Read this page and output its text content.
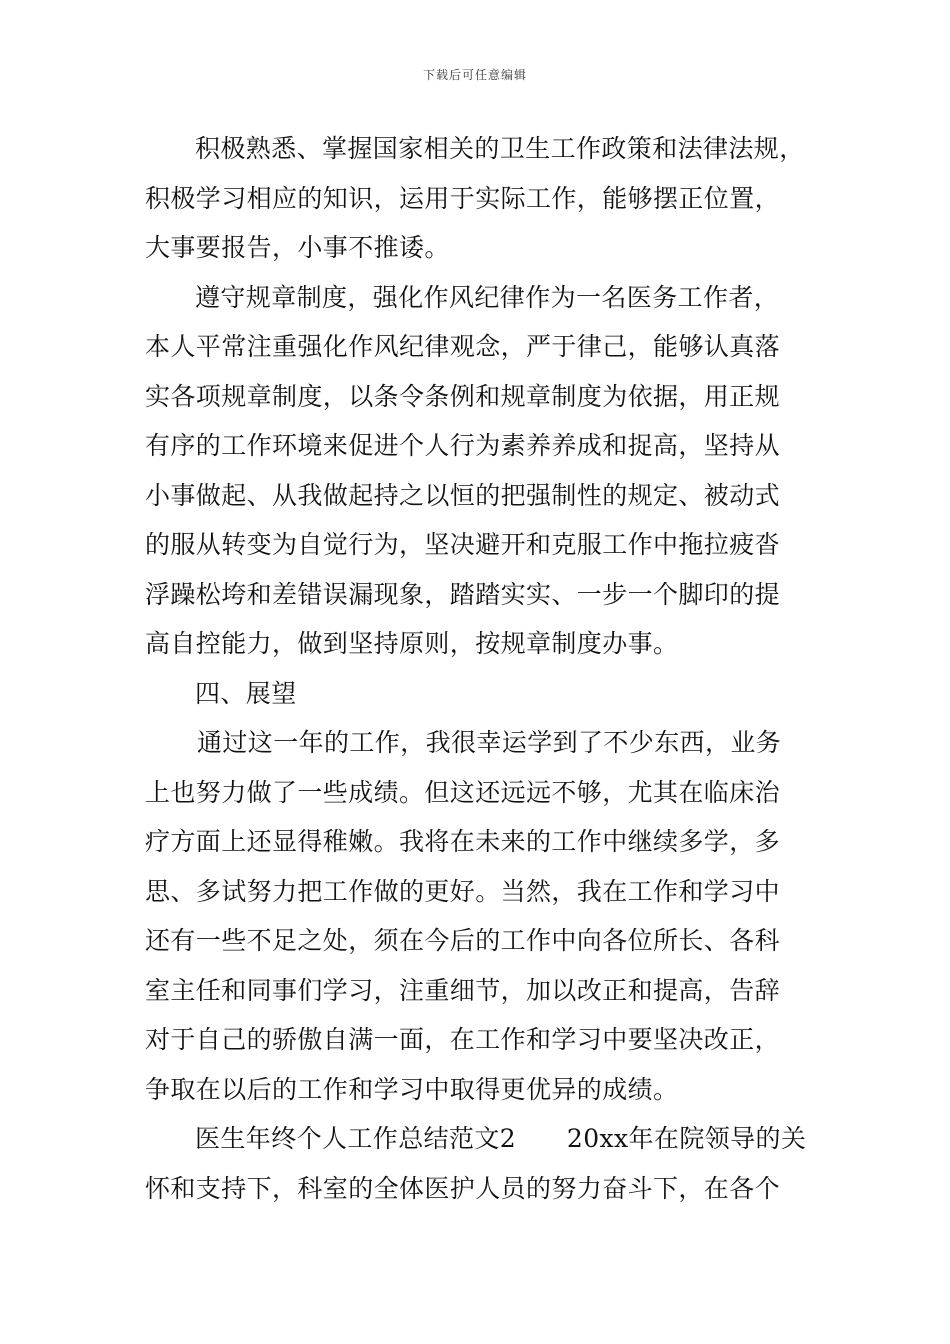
下载后可任意编辑
积极熟悉、掌握国家相关的卫生工作政策和法律法规，
积极学习相应的知识，运用于实际工作，能够摆正位置，
大事要报告，小事不推诿。
遵守规章制度，强化作风纪律作为一名医务工作者，
本人平常注重强化作风纪律观念，严于律己，能够认真落
实各项规章制度，以条令条例和规章制度为依据，用正规
有序的工作环境来促进个人行为素养养成和捉高，坚持从
小事做起、从我做起持之以恒的把强制性的规定、被动式
的服从转变为自觉行为，坚决避开和克服工作中拖拉疲沓
浮躁松垮和差错误漏现象，踏踏实实、一步一个脚印的提
高自控能力，做到坚持原则，按规章制度办事。
四、展望
通过这一年的工作，我很幸运学到了不少东西，业务
上也努力做了一些成绩。但这还远远不够，尤其在临床治
疗方面上还显得稚嫩。我将在未来的工作中继续多学，多
思、多试努力把工作做的更好。当然，我在工作和学习中
还有一些不足之处，须在今后的工作中向各位所长、各科
室主任和同事们学习，注重细节，加以改正和提高，告辞
对于自己的骄傲自满一面，在工作和学习中要坚决改正，
争取在以后的工作和学习中取得更优异的成绩。
医生年终个人工作总结范文2　　20xx年在院领导的关
怀和支持下，科室的全体医护人员的努力奋斗下，在各个
